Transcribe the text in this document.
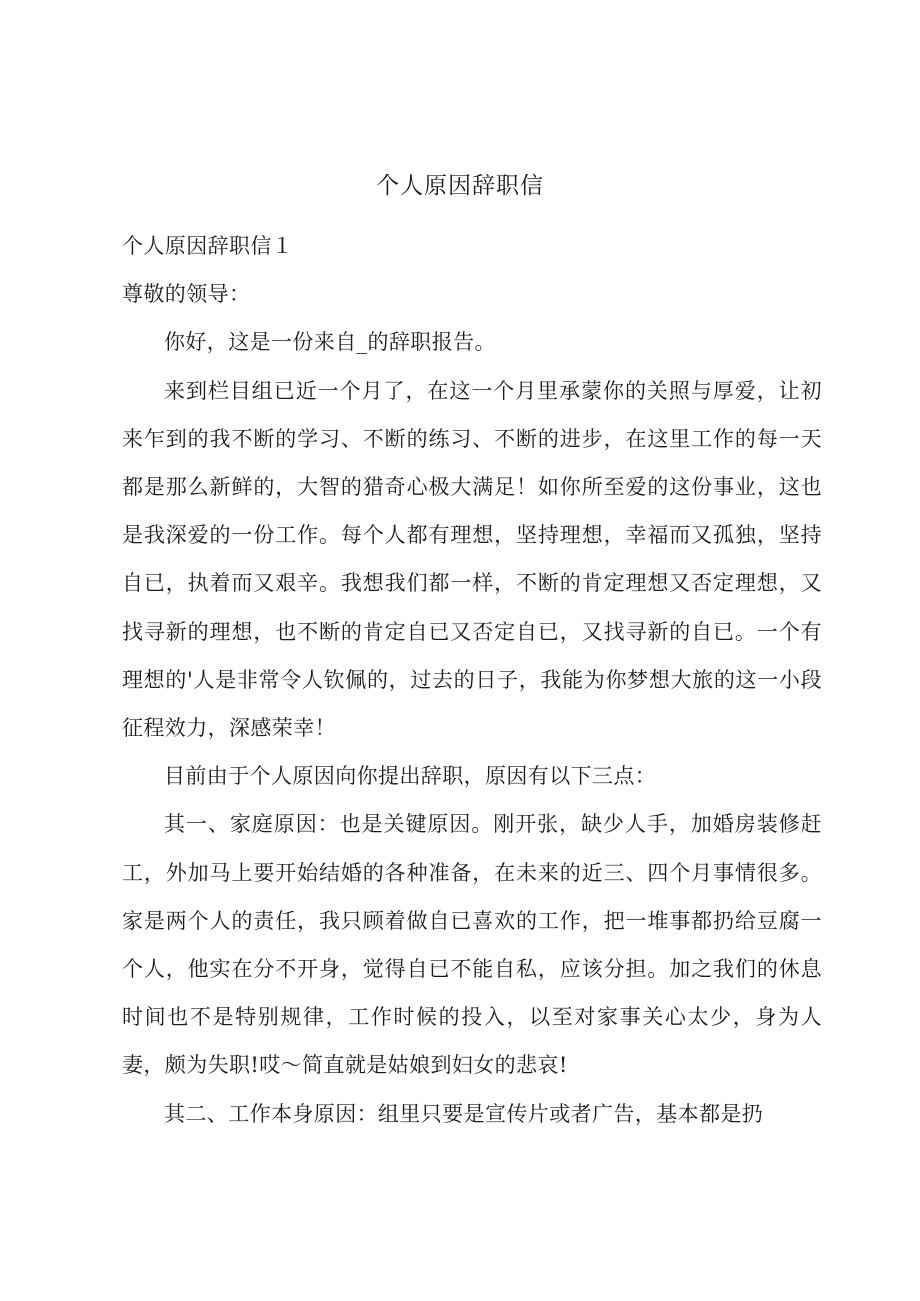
个人原因辞职信

个人原因辞职信１

尊敬的领导：

你好，这是一份来自_的辞职报告。

来到栏目组已近一个月了，在这一个月里承蒙你的关照与厚爱，让初来乍到的我不断的学习、不断的练习、不断的进步，在这里工作的每一天都是那么新鲜的，大智的猎奇心极大满足！如你所至爱的这份事业，这也是我深爱的一份工作。每个人都有理想，坚持理想，幸福而又孤独，坚持自已，执着而又艰辛。我想我们都一样，不断的肯定理想又否定理想，又找寻新的理想，也不断的肯定自已又否定自已，又找寻新的自已。一个有理想的'人是非常令人钦佩的，过去的日子，我能为你梦想大旅的这一小段征程效力，深感荣幸！

目前由于个人原因向你提出辞职，原因有以下三点：

其一、家庭原因：也是关键原因。刚开张，缺少人手，加婚房装修赶工，外加马上要开始结婚的各种准备，在未来的近三、四个月事情很多。家是两个人的责任，我只顾着做自已喜欢的工作，把一堆事都扔给豆腐一个人，他实在分不开身，觉得自已不能自私，应该分担。加之我们的休息时间也不是特别规律，工作时候的投入，以至对家事关心太少，身为人妻，颇为失职!哎～简直就是姑娘到妇女的悲哀!

其二、工作本身原因：组里只要是宣传片或者广告，基本都是扔
